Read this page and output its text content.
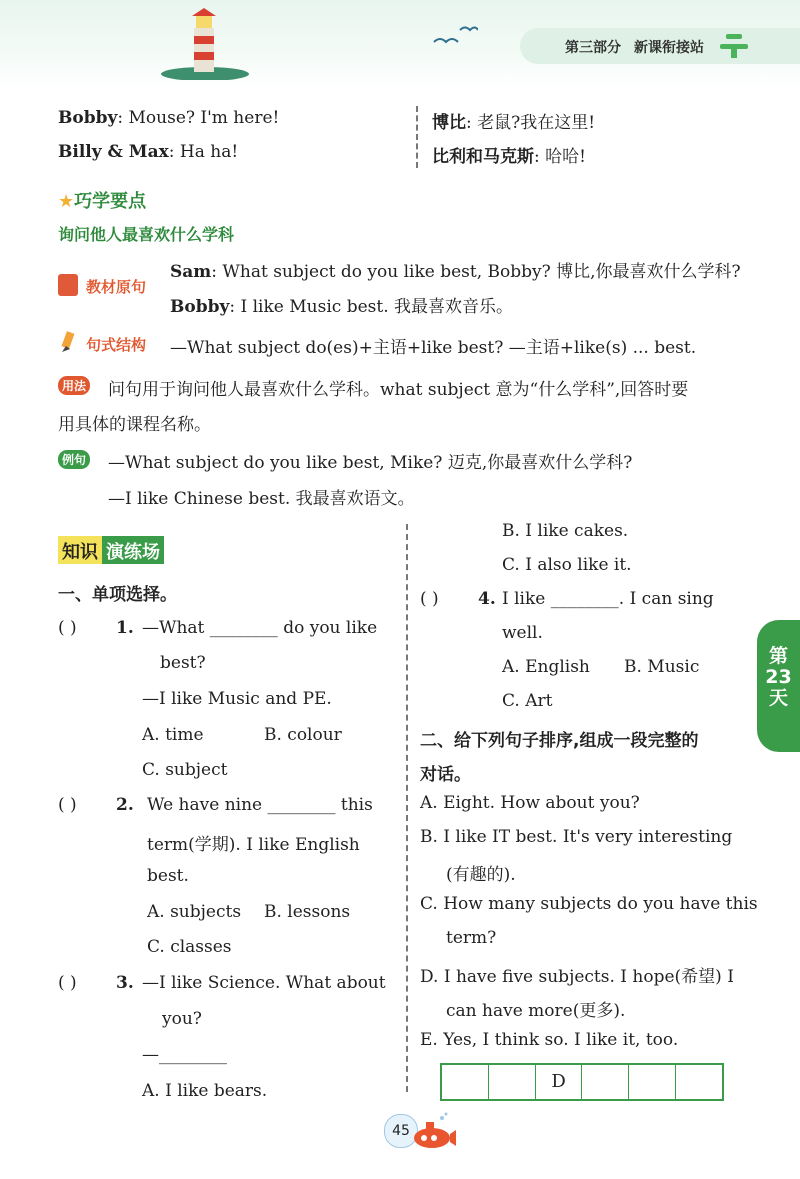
第三部分 新课衔接站
Bobby: Mouse? I'm here!
Billy & Max: Ha ha!
博比: 老鼠?我在这里!
比利和马克斯: 哈哈!
★巧学要点
询问他人最喜欢什么学科
教材原句
Sam: What subject do you like best, Bobby? 博比,你最喜欢什么学科?
Bobby: I like Music best. 我最喜欢音乐。
句式结构 —What subject do(es)+主语+like best? —主语+like(s) ... best.
用法 问句用于询问他人最喜欢什么学科。what subject 意为“什么学科”,回答时要
用具体的课程名称。
例句 —What subject do you like best, Mike? 迈克,你最喜欢什么学科?
—I like Chinese best. 我最喜欢语文。
知识 演练场
一、单项选择。
( ) 1. —What ________ do you like
best?
—I like Music and PE.
A. time	B. colour
C. subject
( ) 2. We have nine ________ this
term(学期). I like English
best.
A. subjects B. lessons
C. classes
( ) 3. —I like Science. What about
you?
—________
A. I like bears.
B. I like cakes.
C. I also like it.
( ) 4. I like ________. I can sing
well.
A. English B. Music
C. Art
二、给下列句子排序,组成一段完整的
对话。
A. Eight. How about you?
B. I like IT best. It's very interesting
(有趣的).
C. How many subjects do you have this
term?
D. I have five subjects. I hope(希望) I
can have more(更多).
E. Yes, I think so. I like it, too.
D
第
23
天
45
